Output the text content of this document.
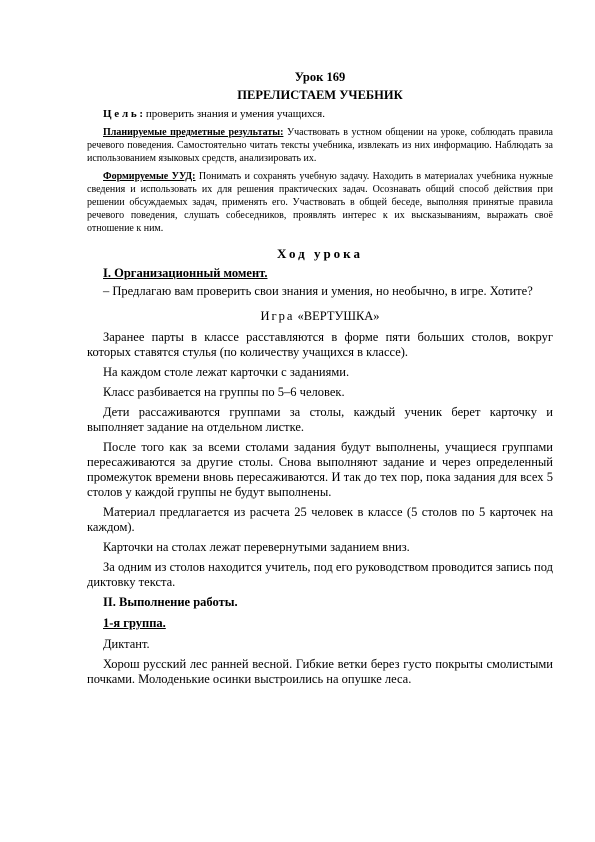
Урок 169

ПЕРЕЛИСТАЕМ УЧЕБНИК

Ц е л ь : проверить знания и умения учащихся.

Планируемые предметные результаты: Участвовать в устном общении на уроке, соблюдать правила речевого поведения. Самостоятельно читать тексты учебника, извлекать из них информацию. Наблюдать за использованием языковых средств, анализировать их.

Формируемые УУД: Понимать и сохранять учебную задачу. Находить в материалах учебника нужные сведения и использовать их для решения практических задач. Осознавать общий способ действия при решении обсуждаемых задач, применять его. Участвовать в общей беседе, выполняя принятые правила речевого поведения, слушать собеседников, проявлять интерес к их высказываниям, выражать своё отношение к ним.

Ход урока

I. Организационный момент.

– Предлагаю вам проверить свои знания и умения, но необычно, в игре. Хотите?

Игра «ВЕРТУШКА»

Заранее парты в классе расставляются в форме пяти больших столов, вокруг которых ставятся стулья (по количеству учащихся в классе).

На каждом столе лежат карточки с заданиями.

Класс разбивается на группы по 5–6 человек.

Дети рассаживаются группами за столы, каждый ученик берет карточку и выполняет задание на отдельном листке.

После того как за всеми столами задания будут выполнены, учащиеся группами пересаживаются за другие столы. Снова выполняют задание и через определенный промежуток времени вновь пересаживаются. И так до тех пор, пока задания для всех 5 столов у каждой группы не будут выполнены.

Материал предлагается из расчета 25 человек в классе (5 столов по 5 карточек на каждом).

Карточки на столах лежат перевернутыми заданием вниз.

За одним из столов находится учитель, под его руководством проводится запись под диктовку текста.

II. Выполнение работы.

1-я группа.

Диктант.

Хорош русский лес ранней весной. Гибкие ветки берез густо покрыты смолистыми почками. Молоденькие осинки выстроились на опушке леса.
